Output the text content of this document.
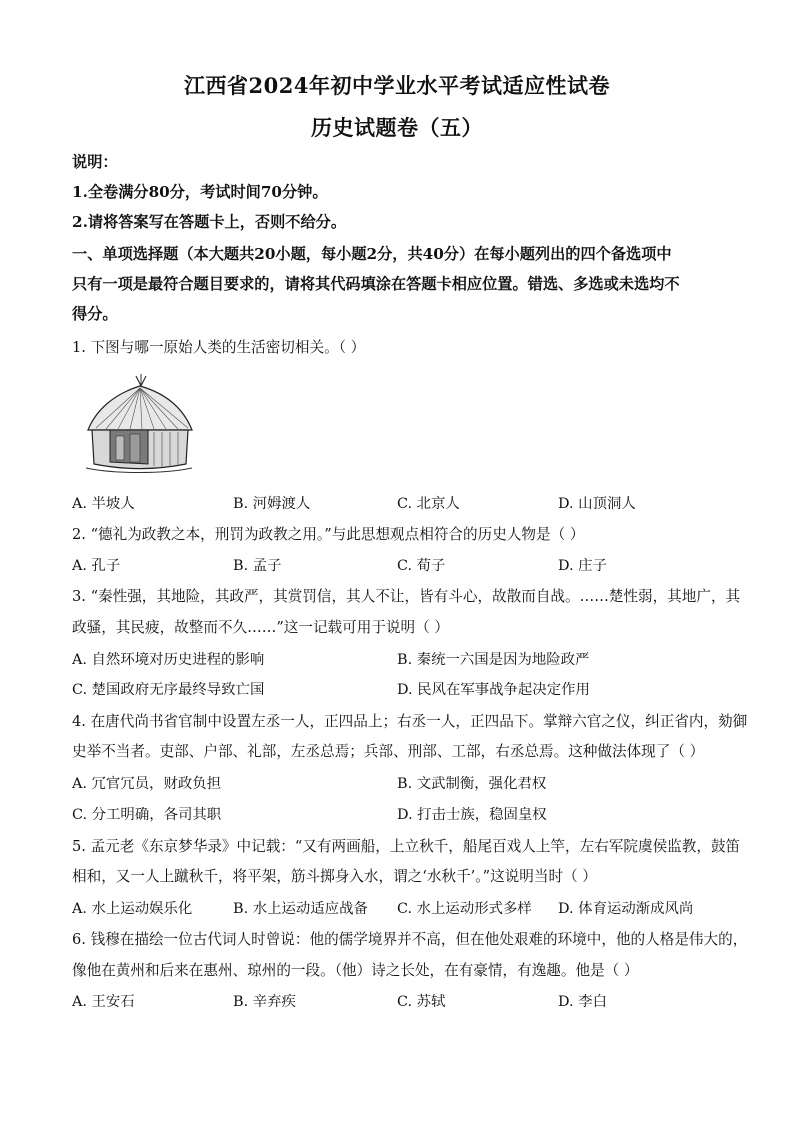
江西省2024年初中学业水平考试适应性试卷
历史试题卷（五）
说明：
1.全卷满分80分，考试时间70分钟。
2.请将答案写在答题卡上，否则不给分。
一、单项选择题（本大题共20小题，每小题2分，共40分）在每小题列出的四个备选项中
只有一项是最符合题目要求的，请将其代码填涂在答题卡相应位置。错选、多选或未选均不
得分。
1. 下图与哪一原始人类的生活密切相关。（ ）
A. 半坡人	B. 河姆渡人	C. 北京人	D. 山顶洞人
2. “德礼为政教之本，刑罚为政教之用。”与此思想观点相符合的历史人物是（ ）
A. 孔子	B. 孟子	C. 荀子	D. 庄子
3. “秦性强，其地险，其政严，其赏罚信，其人不让，皆有斗心，故散而自战。……楚性弱，其地广，其
政骚，其民疲，故整而不久……”这一记载可用于说明（ ）
A. 自然环境对历史进程的影响	B. 秦统一六国是因为地险政严
C. 楚国政府无序最终导致亡国	D. 民风在军事战争起决定作用
4. 在唐代尚书省官制中设置左丞一人，正四品上；右丞一人，正四品下。掌辩六官之仪，纠正省内，劾御
史举不当者。吏部、户部、礼部，左丞总焉；兵部、刑部、工部，右丞总焉。这种做法体现了（ ）
A. 冗官冗员，财政负担	B. 文武制衡，强化君权
C. 分工明确，各司其职	D. 打击士族，稳固皇权
5. 孟元老《东京梦华录》中记载：“又有两画船，上立秋千，船尾百戏人上竿，左右军院虞侯监教，鼓笛
相和，又一人上蹴秋千，将平架，筋斗掷身入水，谓之‘水秋千’。”这说明当时（ ）
A. 水上运动娱乐化	B. 水上运动适应战备 C. 水上运动形式多样 D. 体育运动渐成风尚
6. 钱穆在描绘一位古代词人时曾说：他的儒学境界并不高，但在他处艰难的环境中，他的人格是伟大的，
像他在黄州和后来在惠州、琼州的一段。（他）诗之长处，在有豪情，有逸趣。他是（ ）
A. 王安石	B. 辛弃疾	C. 苏轼	D. 李白
